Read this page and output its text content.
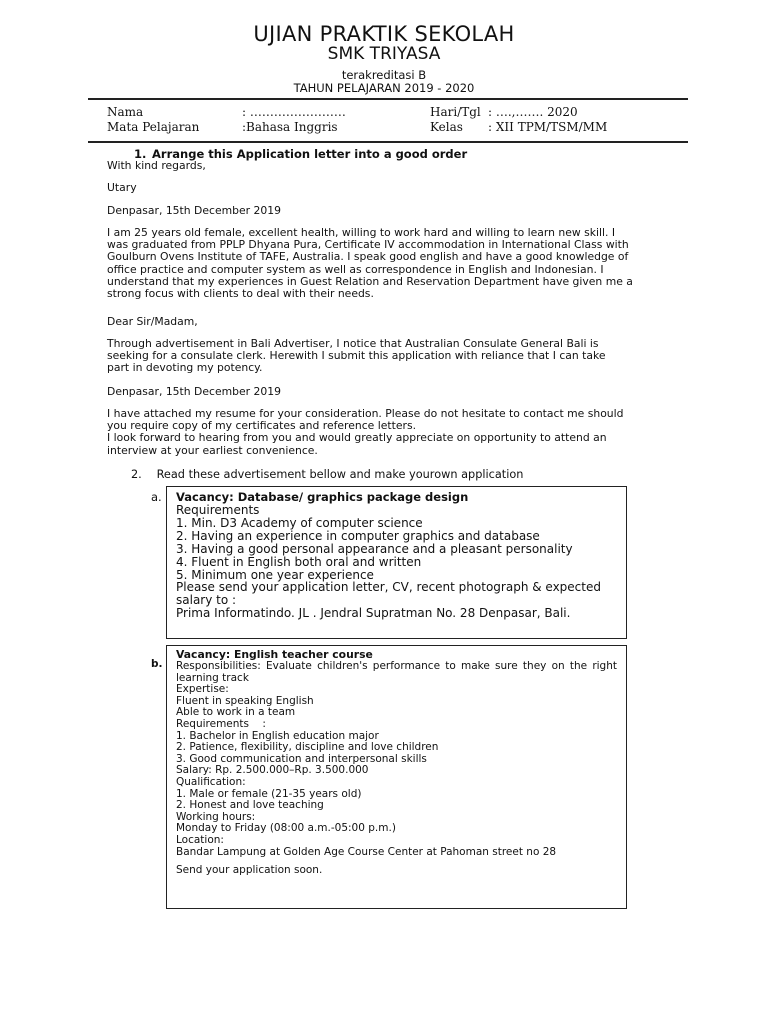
UJIAN PRAKTIK SEKOLAH
SMK TRIYASA
terakreditasi B
TAHUN PELAJARAN 2019 - 2020
Nama	: ……………………	Hari/Tgl : ….,……. 2020
Mata Pelajaran	:Bahasa Inggris	Kelas : XII TPM/TSM/MM
1. Arrange this Application letter into a good order
With kind regards,
Utary
Denpasar, 15th December 2019
I am 25 years old female, excellent health, willing to work hard and willing to learn new skill. I
was graduated from PPLP Dhyana Pura, Certificate IV accommodation in International Class with
Goulburn Ovens Institute of TAFE, Australia. I speak good english and have a good knowledge of
office practice and computer system as well as correspondence in English and Indonesian. I
understand that my experiences in Guest Relation and Reservation Department have given me a
strong focus with clients to deal with their needs.
Dear Sir/Madam,
Through advertisement in Bali Advertiser, I notice that Australian Consulate General Bali is
seeking for a consulate clerk. Herewith I submit this application with reliance that I can take
part in devoting my potency.
Denpasar, 15th December 2019
I have attached my resume for your consideration. Please do not hesitate to contact me should
you require copy of my certificates and reference letters.
I look forward to hearing from you and would greatly appreciate on opportunity to attend an
interview at your earliest convenience.
2. Read these advertisement bellow and make yourown application
a. Vacancy: Database/ graphics package design
Requirements
1. Min. D3 Academy of computer science
2. Having an experience in computer graphics and database
3. Having a good personal appearance and a pleasant personality
4. Fluent in English both oral and written
5. Minimum one year experience
Please send your application letter, CV, recent photograph & expected
salary to :
Prima Informatindo. JL . Jendral Supratman No. 28 Denpasar, Bali.
b.
Vacancy: English teacher course
Responsibilities: Evaluate children's performance to make sure they on the right learning track
Expertise:
Fluent in speaking English
Able to work in a team
Requirements    :
1. Bachelor in English education major
2. Patience, flexibility, discipline and love children
3. Good communication and interpersonal skills
Salary: Rp. 2.500.000–Rp. 3.500.000
Qualification:
1. Male or female (21-35 years old)
2. Honest and love teaching
Working hours:
Monday to Friday (08:00 a.m.-05:00 p.m.)
Location:
Bandar Lampung at Golden Age Course Center at Pahoman street no 28
Send your application soon.
